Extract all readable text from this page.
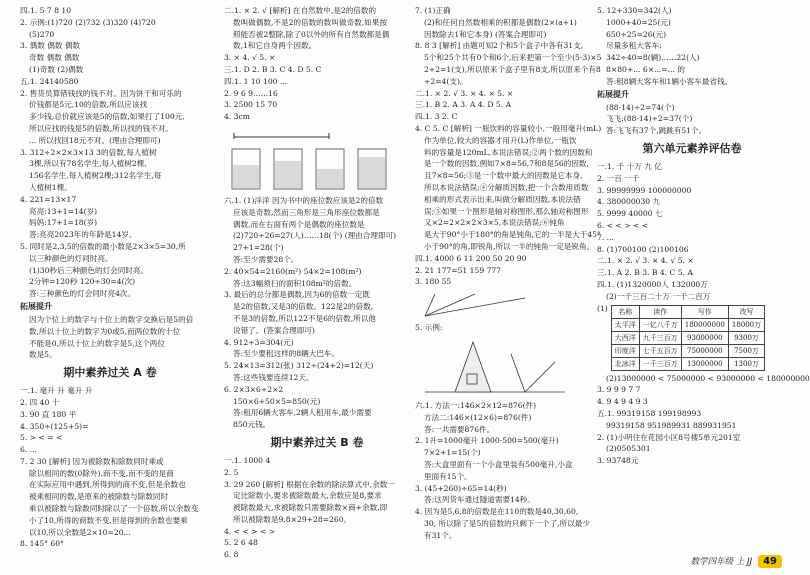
四.1. 5 7 8 10
2. 示例:(1)720 (2)732 (3)320 (4)720
(5)270
3. 偶数 偶数 偶数
奇数 偶数 偶数
(1)奇数 (2)偶数
五.1. 24140580
2. 售货员算错钱找的钱不对。因为饼干和可乐的
价钱都是5元,10的倍数,所以应该找
多少钱,总价就应该是5的倍数,如果打了100元,
所以应找的钱是5的倍数,所以找的钱不对。
... 所以找回18元不对。(理由合理即可)
3. 312÷2×2×3×13 3的倍数,每人植树
3棵,所以有78名学生,每人植树2棵,
156名学生,每人植树2棵;312名学生,每
人植树1棵。
4. 221=13×17
亮亮:13+1=14(岁)
妈妈:17+1=18(岁)
答:亮亮2023年的年龄是14岁。
5. 同时是2,3,5的倍数的最小数是2×3×5=30,所
以三种颜色的灯同时亮。
(1)30秒后三种颜色的灯会同时亮。
2分钟=120秒 120÷30=4(次)
答:三种颜色的灯会同时亮4次。
拓展提升
因为个位上的数字与十位上的数字交换后是5的倍
数,所以十位上的数字为0或5,而两位数的十位
不能是0,所以十位上的数字是5,这个两位
数是5。
期中素养过关 A 卷
一.1. 毫升 升 毫升 升
2. 四 40 十
3. 90 直 180 平
4. 350÷(125+5)=
5. > < = <
6. ...
7. 2 30 [解析] 因为被除数和除数同时乘或
除以相同的数(0除外),商不变,而不变的是商
在实际应用中遇到,所得到的商不变,但是余数也
被乘相同的数,是原来的被除数与除数同时
乘以被除数与除数同时除以了一个倍数,所以余数变
小了10,所得的商数不变,但是得到的余数也要乘
以10,所以余数是2×10=20...
8. 145° 60°
二.1. × 2. √ [解析] 在自然数中,是2的倍数的
数叫做偶数,不是2的倍数的数叫做奇数,如果按
照能否被2整除,除了0以外的所有自然数都是偶
数,1和它自身两个因数。
3. × 4. √ 5. ×
三.1. D 2. B 3. C 4. D 5. C
四.1. 1 10 100 ...
2. 9 6 9……16
3. 2500 15 70
4. 3cm
六.1. (1)洋洋 因为书中的座位数应该是2的倍数
应该是奇数,然而三角形是三角形座位数都是
偶数,而在右面有两个是偶数的座位数是
(2)720÷26=27(人)……18(个) (理由合理即可)
27+1=28(个)
答:至少需要28个。
2. 40×54=2160(m²) 54×2=108(m²)
答:这3幅须扫的面积108m²的倍数。
3. 最后的总分都是偶数,因为6的倍数一定既
是2的倍数,又是3的倍数。122是2的倍数,
不是3的倍数,所以122不是6的倍数,所以他
说错了。(答案合理即可)
4. 912÷3=304(元)
答:至少要租这样的8辆大巴车。
5. 24×13=312(张) 312÷(24+2)=12(天)
答:这些钱要连续12天。
6. 2×3×6÷2×2
150×6+50×5=850(元)
答:租用6辆大客车,2辆人租用车,最少需要
850元钱。
期中素养过关 B 卷
一.1. 1000 4
2. 5
3. 29 260 [解析] 根据在余数的除法算式中,余数一
定比除数小,要求被除数最大,余数应是8,要求
被除数最大,求被除数只需要除数×商+余数,即
所以被除数是9,8×29+28=260。
4. < < > < >
5. 2 6 48
6. 8
7. (1)正确
(2)和任何自然数相乘的积都是偶数(2×(a+1)
因数除去1和它本身) (答案合理即可)
8. 8 3 [解析] 由题可知2个和5个盒子中各有31支,
5个和25个共有0个和6个,后来把第一个至少(5-3)×5
2÷2=1(支),所以原来个盒子里有8支,所以原来个有8
÷2=4(支)。
二.1. × 2. √ 3. × 4. × 5. ×
三.1. B 2. A 3. A 4. D 5. A
四.1. 3 2. C
4. C 5. C [解析] 一瓶饮料的容量较小,一般用毫升(mL)
作为单位,较大的容器才用升(L)作单位,一瓶饮
料的容量是120mL,本说法错误;②两个数的因数和
是一个数的因数,例如7×8=56,7和8是56的因数,
且7×8=56;③是一个数中最大的因数是它本身,
所以本说法错误;④分解质因数,把一个合数用质数
相乘的形式表示出来,叫做分解质因数,本说法错
误;⑤如果一个图形是轴对称图形,那么轴对称图形
又×2=2×2×2×3×5,本说法错误;⑥钝角
是大于90°小于180°的角是钝角,它的一半是大于45°
小于90°的角,即锐角,所以一半的钝角一定是锐角。
四.1. 4000 6 11 200 50 20 90
2. 21 177=51 159 777
3. 180 55
5. 示例:
六.1. 方法一:146×2×12=876(件)
方法二:146×(12×6)=876(件)
答:一共需要876件。
2. 1升=1000毫升 1000-500=500(毫升)
7×2+1=15(个)
答:大盒里面有一个小盒里装有500毫升,小盒
里面有15个。
3. (45+260)÷65=14(秒)
答:这列货车通过隧道需要14秒。
4. 因为是5,6,8的倍数是在110的数是40,30,60,
30, 所以除了是5的倍数的只剩下一个了,所以最少
有31个。
5. 12+330=342(人)
1000+40=25(元)
650÷25=26(元)
尽量多租大客车:
342÷40=8(辆)……22(人)
8×80+... 6×...=... 的
答:租8辆大客车和1辆小客车最省钱。
拓展提升
(88-14)÷2=74(个)
飞飞:(88-14)÷2=37(个)
答:飞飞有37个,跳跳有51个。
第六单元素养评估卷
一.1. 千 十万 九 亿
2. 一百 一千
3. 99999999 100000000
4. 380000030 九
5. 9999 40000 七
6. < < > < <
7. ...
8. (1)700100 (2)100106
二.1. × 2. √ 3. × 4. √ 5. ×
三.1. A 2. B 3. B 4. C 5. A
四.1. (1)1320000人 132000万
(2)一千三百二十万 一千二百万
(1) 名称	读作	写作	改写
太平洋	一亿八千万	180000000	18000万
大西洋	九千三百万	93000000	9300万
印度洋	七千五百万	75000000	7500万
北冰洋	一千三百万	13000000	1300万
(2)13000000 < 75000000 < 93000000 < 180000000
3. 9 9 9 7 7
4. 9 4 9 4 9 3
五.1. 99319158 199198993
99319158 951989931 889931951
2. (1)小明住在花园小区8号楼5单元201室
(2)0505301
3. 93748元
数学四年级 上 JJ	49
